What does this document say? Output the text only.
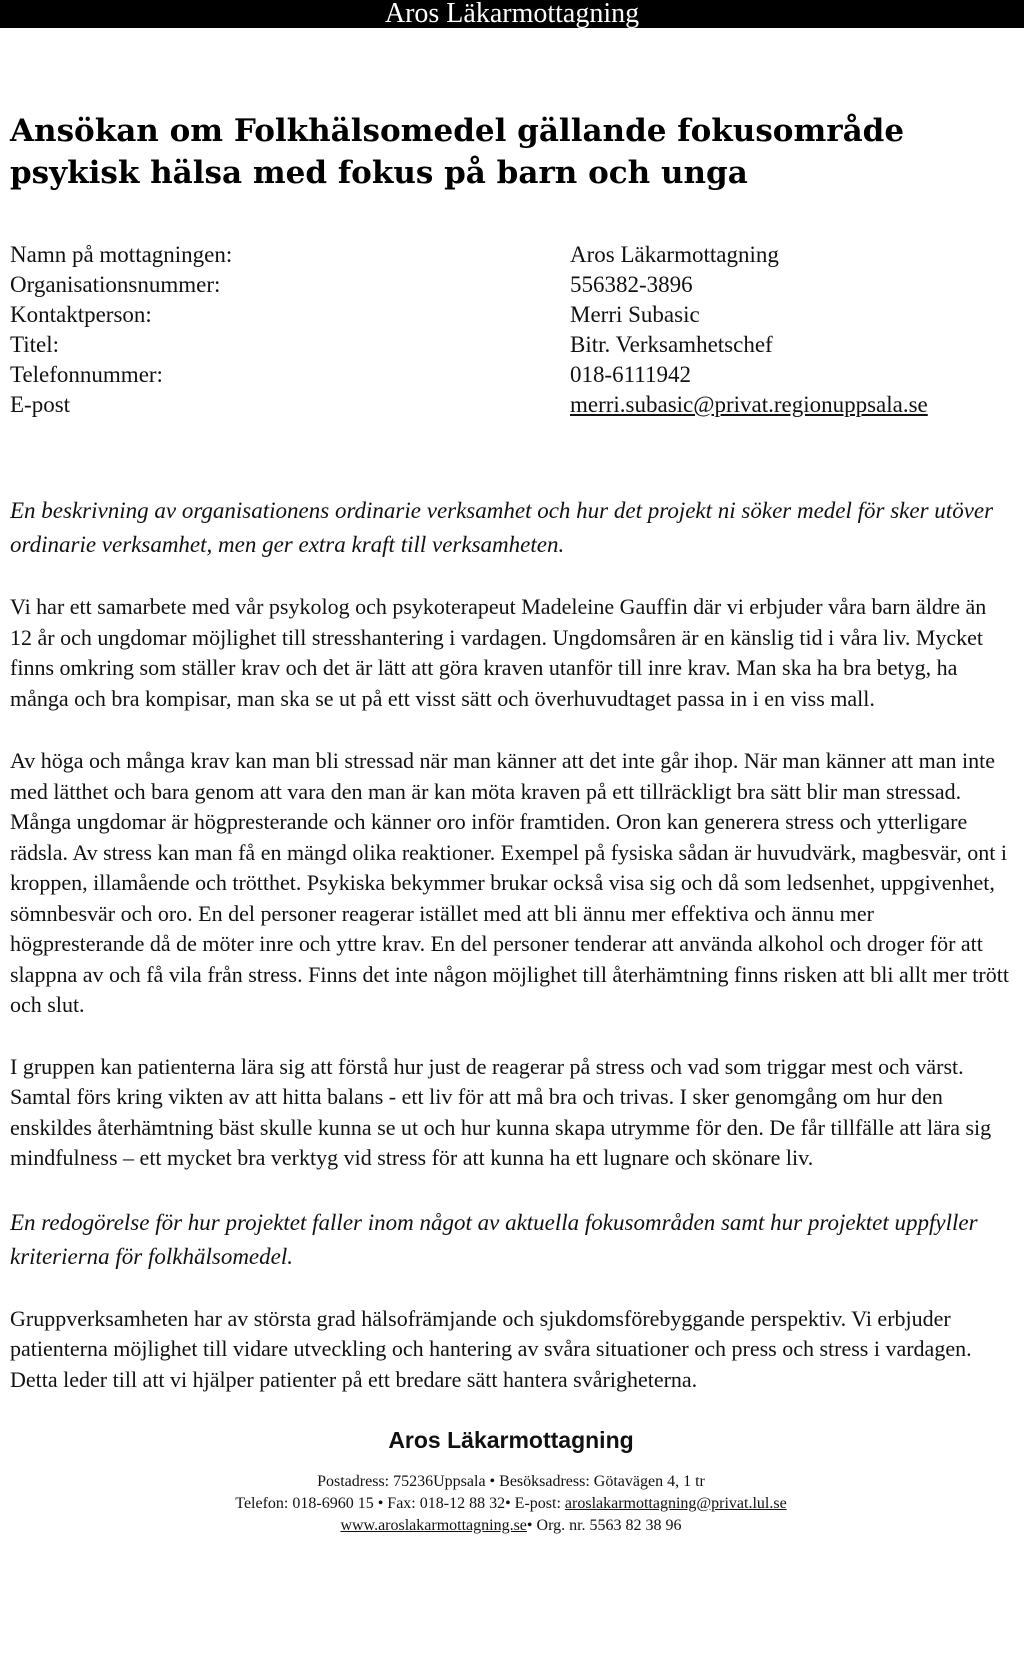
Aros Läkarmottagning
Ansökan om Folkhälsomedel gällande fokusområde psykisk hälsa med fokus på barn och unga
Namn på mottagningen:	Aros Läkarmottagning
Organisationsnummer:	556382-3896
Kontaktperson:	Merri Subasic
Titel:	Bitr. Verksamhetschef
Telefonnummer:	018-6111942
E-post	merri.subasic@privat.regionuppsala.se

En beskrivning av organisationens ordinarie verksamhet och hur det projekt ni söker medel för sker utöver ordinarie verksamhet, men ger extra kraft till verksamheten.

Vi har ett samarbete med vår psykolog och psykoterapeut Madeleine Gauffin där vi erbjuder våra barn äldre än 12 år och ungdomar möjlighet till stresshantering i vardagen. Ungdomsåren är en känslig tid i våra liv. Mycket finns omkring som ställer krav och det är lätt att göra kraven utanför till inre krav. Man ska ha bra betyg, ha många och bra kompisar, man ska se ut på ett visst sätt och överhuvudtaget passa in i en viss mall.

Av höga och många krav kan man bli stressad när man känner att det inte går ihop. När man känner att man inte med lätthet och bara genom att vara den man är kan möta kraven på ett tillräckligt bra sätt blir man stressad. Många ungdomar är högpresterande och känner oro inför framtiden. Oron kan generera stress och ytterligare rädsla. Av stress kan man få en mängd olika reaktioner. Exempel på fysiska sådan är huvudvärk, magbesvär, ont i kroppen, illamående och trötthet. Psykiska bekymmer brukar också visa sig och då som ledsenhet, uppgivenhet, sömnbesvär och oro. En del personer reagerar istället med att bli ännu mer effektiva och ännu mer högpresterande då de möter inre och yttre krav. En del personer tenderar att använda alkohol och droger för att slappna av och få vila från stress. Finns det inte någon möjlighet till återhämtning finns risken att bli allt mer trött och slut.

I gruppen kan patienterna lära sig att förstå hur just de reagerar på stress och vad som triggar mest och värst. Samtal förs kring vikten av att hitta balans - ett liv för att må bra och trivas. I sker genomgång om hur den enskildes återhämtning bäst skulle kunna se ut och hur kunna skapa utrymme för den. De får tillfälle att lära sig mindfulness – ett mycket bra verktyg vid stress för att kunna ha ett lugnare och skönare liv.

En redogörelse för hur projektet faller inom något av aktuella fokusområden samt hur projektet uppfyller kriterierna för folkhälsomedel.

Gruppverksamheten har av största grad hälsofrämjande och sjukdomsförebyggande perspektiv. Vi erbjuder patienterna möjlighet till vidare utveckling och hantering av svåra situationer och press och stress i vardagen. Detta leder till att vi hjälper patienter på ett bredare sätt hantera svårigheterna.

Aros Läkarmottagning
Postadress: 75236Uppsala • Besöksadress: Götavägen 4, 1 tr
Telefon: 018-6960 15 • Fax: 018-12 88 32• E-post: aroslakarmottagning@privat.lul.se
www.aroslakarmottagning.se• Org. nr. 5563 82 38 96
